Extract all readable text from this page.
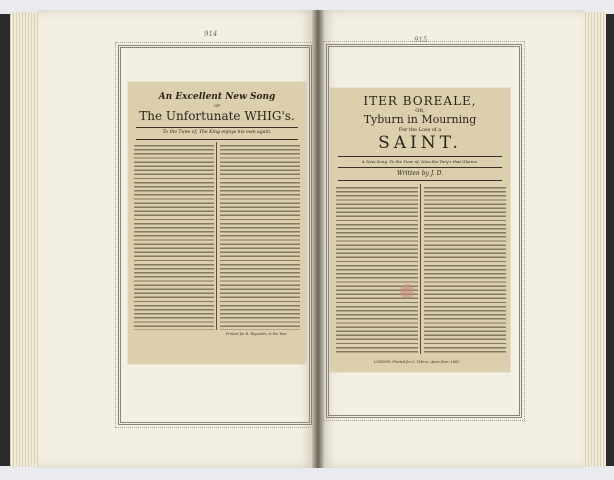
914
An Excellent New Song
OF
The Unfortunate WHIG's.
To the Tune of, The King enjoys his own again.
Printed for R. Reynolds, in the Year
915
ITER BOREALE,
OR,
Tyburn in Mourning
For the Loss of a
SAINT.
A New Song. To the Tune of, Now the Tory's that Glories.
Written by J. D.
LONDON, Printed for C. Tebroc, Anno Dom. 1682.
